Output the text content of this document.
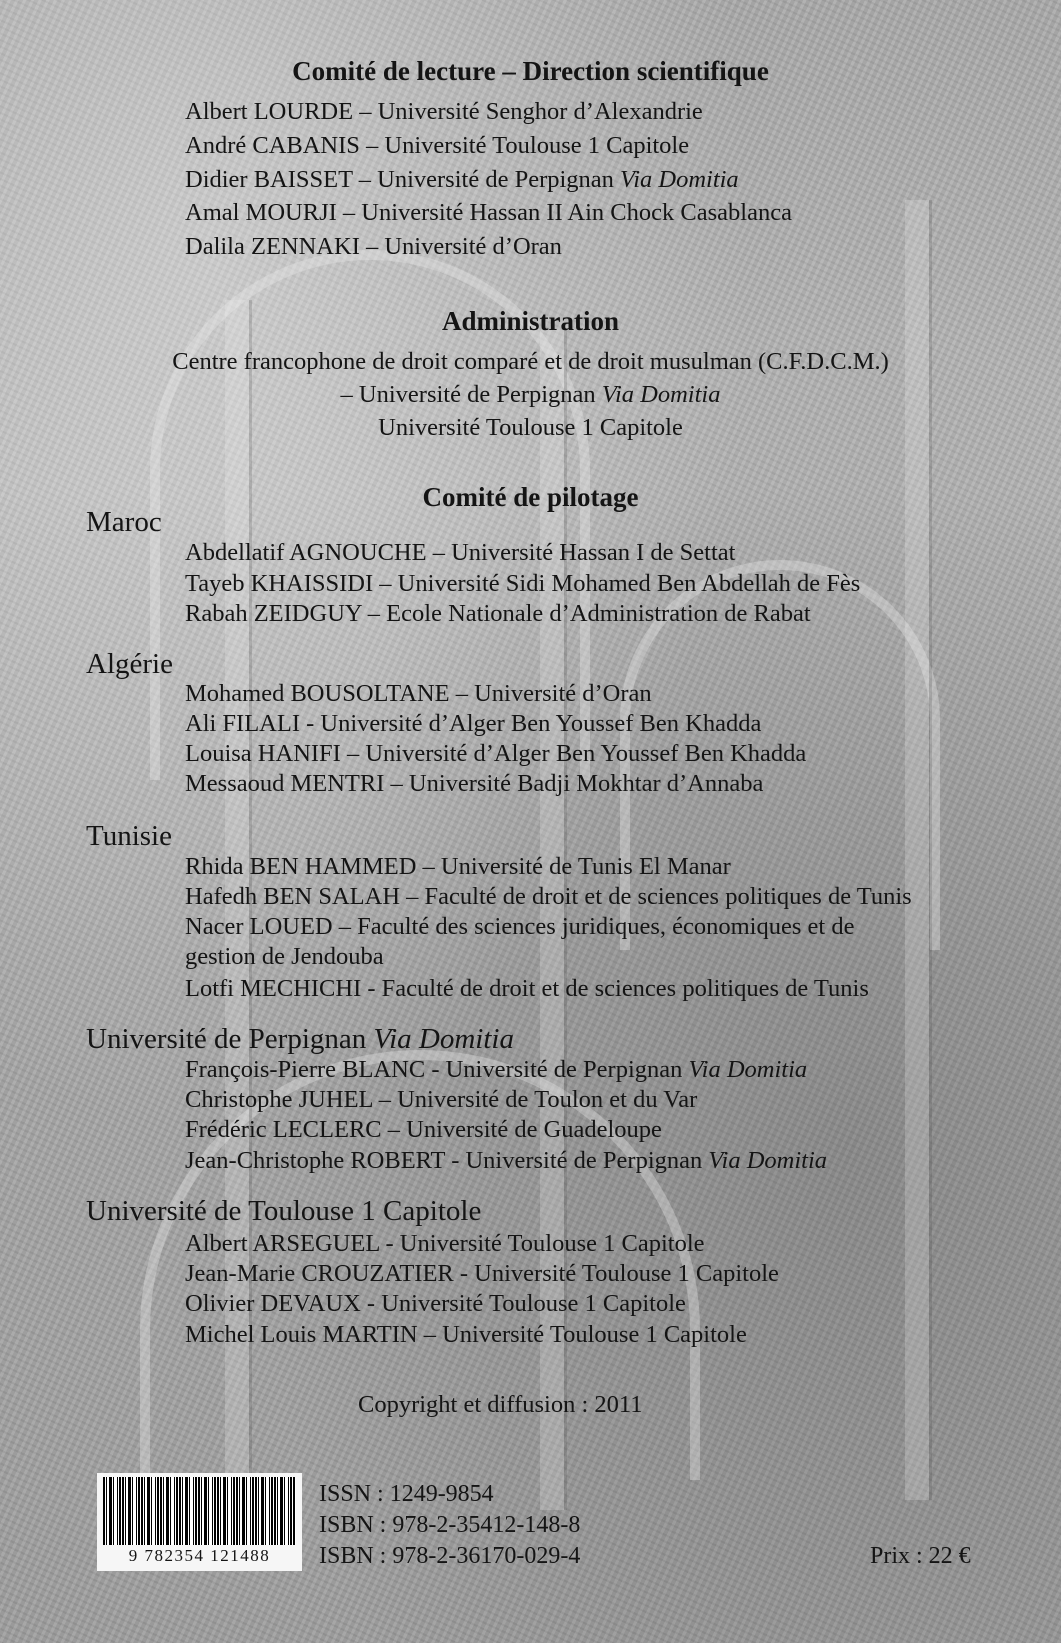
Comité de lecture – Direction scientifique
Albert LOURDE – Université Senghor d’Alexandrie
André CABANIS – Université Toulouse 1 Capitole
Didier BAISSET – Université de Perpignan Via Domitia
Amal MOURJI – Université Hassan II Ain Chock Casablanca
Dalila ZENNAKI – Université d’Oran
Administration
Centre francophone de droit comparé et de droit musulman (C.F.D.C.M.)
– Université de Perpignan Via Domitia
Université Toulouse 1 Capitole
Comité de pilotage
Maroc
Abdellatif AGNOUCHE – Université Hassan I de Settat
Tayeb KHAISSIDI – Université Sidi Mohamed Ben Abdellah de Fès
Rabah ZEIDGUY – Ecole Nationale d’Administration de Rabat
Algérie
Mohamed BOUSOLTANE – Université d’Oran
Ali FILALI - Université d’Alger Ben Youssef Ben Khadda
Louisa HANIFI – Université d’Alger Ben Youssef Ben Khadda
Messaoud MENTRI – Université Badji Mokhtar d’Annaba
Tunisie
Rhida BEN HAMMED – Université de Tunis El Manar
Hafedh BEN SALAH – Faculté de droit et de sciences politiques de Tunis
Nacer LOUED – Faculté des sciences juridiques, économiques et de
gestion de Jendouba
Lotfi MECHICHI - Faculté de droit et de sciences politiques de Tunis
Université de Perpignan Via Domitia
François-Pierre BLANC - Université de Perpignan Via Domitia
Christophe JUHEL – Université de Toulon et du Var
Frédéric LECLERC – Université de Guadeloupe
Jean-Christophe ROBERT - Université de Perpignan Via Domitia
Université de Toulouse 1 Capitole
Albert ARSEGUEL - Université Toulouse 1 Capitole
Jean-Marie CROUZATIER - Université Toulouse 1 Capitole
Olivier DEVAUX - Université Toulouse 1 Capitole
Michel Louis MARTIN – Université Toulouse 1 Capitole
Copyright et diffusion : 2011
9 782354 121488
ISSN : 1249-9854
ISBN : 978-2-35412-148-8
ISBN : 978-2-36170-029-4	Prix : 22 €
